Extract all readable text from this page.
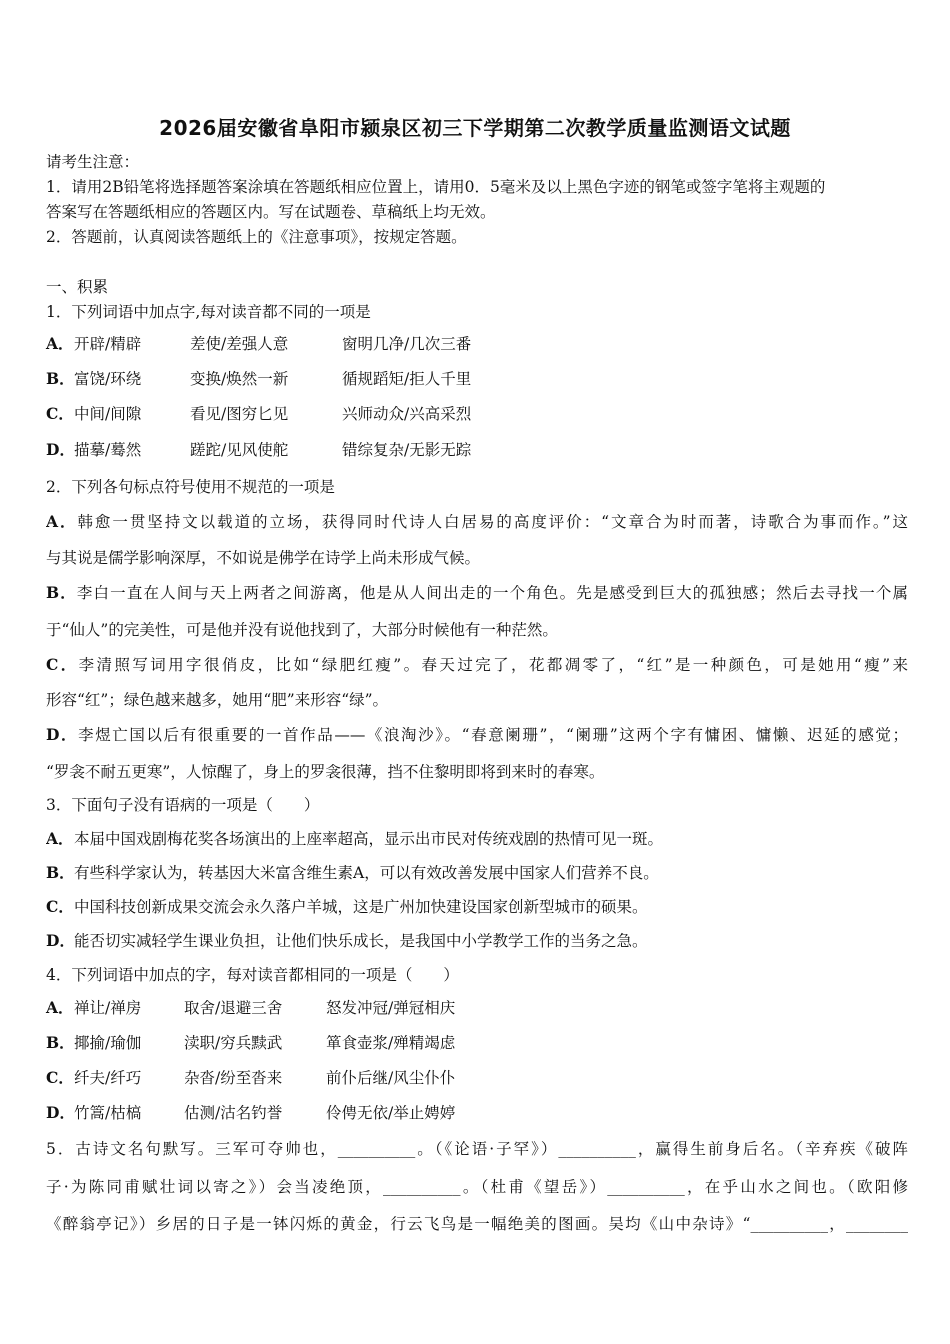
2026届安徽省阜阳市颍泉区初三下学期第二次教学质量监测语文试题
请考生注意：
1．请用2B铅笔将选择题答案涂填在答题纸相应位置上，请用0．5毫米及以上黑色字迹的钢笔或签字笔将主观题的
答案写在答题纸相应的答题区内。写在试题卷、草稿纸上均无效。
2．答题前，认真阅读答题纸上的《注意事项》，按规定答题。
一、积累
1．下列词语中加点字,每对读音都不同的一项是
A．开辟/精辟	差使/差强人意	窗明几净/几次三番
B．富饶/环绕	变换/焕然一新	循规蹈矩/拒人千里
C．中间/间隙	看见/图穷匕见	兴师动众/兴高采烈
D．描摹/蓦然	蹉跎/见风使舵	错综复杂/无影无踪
2．下列各句标点符号使用不规范的一项是
A．韩愈一贯坚持文以载道的立场，获得同时代诗人白居易的高度评价：“文章合为时而著，诗歌合为事而作。”这
与其说是儒学影响深厚，不如说是佛学在诗学上尚未形成气候。
B．李白一直在人间与天上两者之间游离，他是从人间出走的一个角色。先是感受到巨大的孤独感；然后去寻找一个属
于“仙人”的完美性，可是他并没有说他找到了，大部分时候他有一种茫然。
C．李清照写词用字很俏皮，比如“绿肥红瘦”。春天过完了，花都凋零了，“红”是一种颜色，可是她用“瘦”来
形容“红”；绿色越来越多，她用“肥”来形容“绿”。
D．李煜亡国以后有很重要的一首作品——《浪淘沙》。“春意阑珊”，“阑珊”这两个字有慵困、慵懒、迟延的感觉；
“罗衾不耐五更寒”，人惊醒了，身上的罗衾很薄，挡不住黎明即将到来时的春寒。
3．下面句子没有语病的一项是（　　）
A．本届中国戏剧梅花奖各场演出的上座率超高，显示出市民对传统戏剧的热情可见一斑。
B．有些科学家认为，转基因大米富含维生素A，可以有效改善发展中国家人们营养不良。
C．中国科技创新成果交流会永久落户羊城，这是广州加快建设国家创新型城市的硕果。
D．能否切实减轻学生课业负担，让他们快乐成长，是我国中小学教学工作的当务之急。
4．下列词语中加点的字，每对读音都相同的一项是（　　）
A．禅让/禅房	取舍/退避三舍	怒发冲冠/弹冠相庆
B．揶揄/瑜伽	渎职/穷兵黩武	箪食壶浆/殚精竭虑
C．纤夫/纤巧	杂沓/纷至沓来	前仆后继/风尘仆仆
D．竹篙/枯槁	估测/沽名钓誉	伶俜无依/举止娉婷
5．古诗文名句默写。三军可夺帅也，__________。（《论语·子罕》）__________，赢得生前身后名。（辛弃疾《破阵
子·为陈同甫赋壮词以寄之》）会当凌绝顶，__________。（杜甫《望岳》）__________，在乎山水之间也。（欧阳修
《醉翁亭记》）乡居的日子是一钵闪烁的黄金，行云飞鸟是一幅绝美的图画。吴均《山中杂诗》“__________，________
